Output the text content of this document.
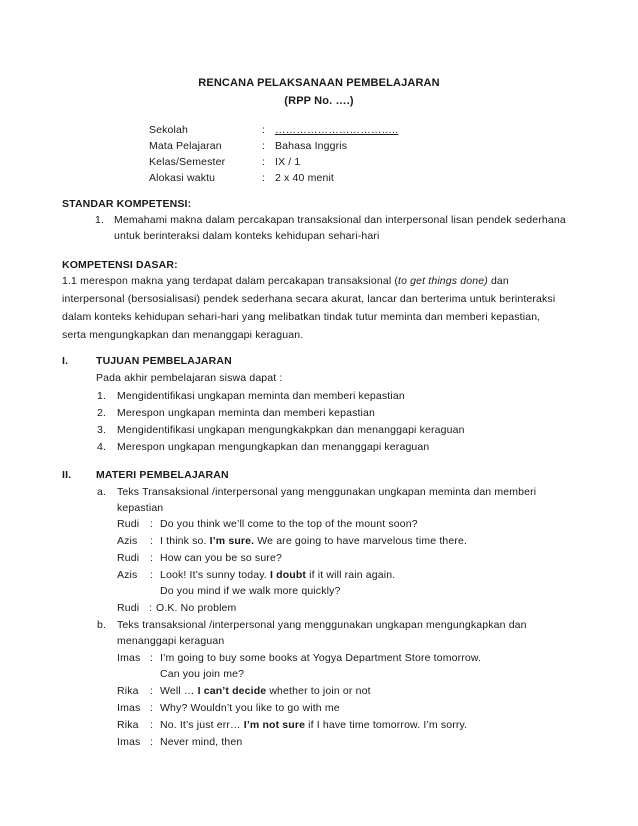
RENCANA PELAKSANAAN PEMBELAJARAN
(RPP No. ….)
Sekolah	: ……………………………..
Mata Pelajaran	: Bahasa Inggris
Kelas/Semester	: IX / 1
Alokasi waktu	: 2 x 40 menit
STANDAR KOMPETENSI:
1. Memahami makna dalam percakapan transaksional dan interpersonal lisan pendek sederhana
untuk berinteraksi dalam konteks kehidupan sehari-hari
KOMPETENSI DASAR:
1.1 merespon makna yang terdapat dalam percakapan transaksional (to get things done) dan
interpersonal (bersosialisasi) pendek sederhana secara akurat, lancar dan berterima untuk berinteraksi
dalam konteks kehidupan sehari-hari yang melibatkan tindak tutur meminta dan memberi kepastian,
serta mengungkapkan dan menanggapi keraguan.
I.	TUJUAN PEMBELAJARAN
Pada akhir pembelajaran siswa dapat :
1. Mengidentifikasi ungkapan meminta dan memberi kepastian
2. Merespon ungkapan meminta dan memberi kepastian
3. Mengidentifikasi ungkapan mengungkakpkan dan menanggapi keraguan
4. Merespon ungkapan mengungkapkan dan menanggapi keraguan
II. MATERI PEMBELAJARAN
a. Teks Transaksional /interpersonal yang menggunakan ungkapan meminta dan memberi
kepastian
Rudi : Do you think we’ll come to the top of the mount soon?
Azis : I think so. I’m sure. We are going to have marvelous time there.
Rudi : How can you be so sure?
Azis : Look! It’s sunny today. I doubt if it will rain again.
Do you mind if we walk more quickly?
Rudi : O.K. No problem
b. Teks transaksional /interpersonal yang menggunakan ungkapan mengungkapkan dan
menanggapi keraguan
Imas : I’m going to buy some books at Yogya Department Store tomorrow.
Can you join me?
Rika : Well … I can’t decide whether to join or not
Imas : Why? Wouldn’t you like to go with me
Rika : No. It’s just err… I’m not sure if I have time tomorrow. I’m sorry.
Imas : Never mind, then
